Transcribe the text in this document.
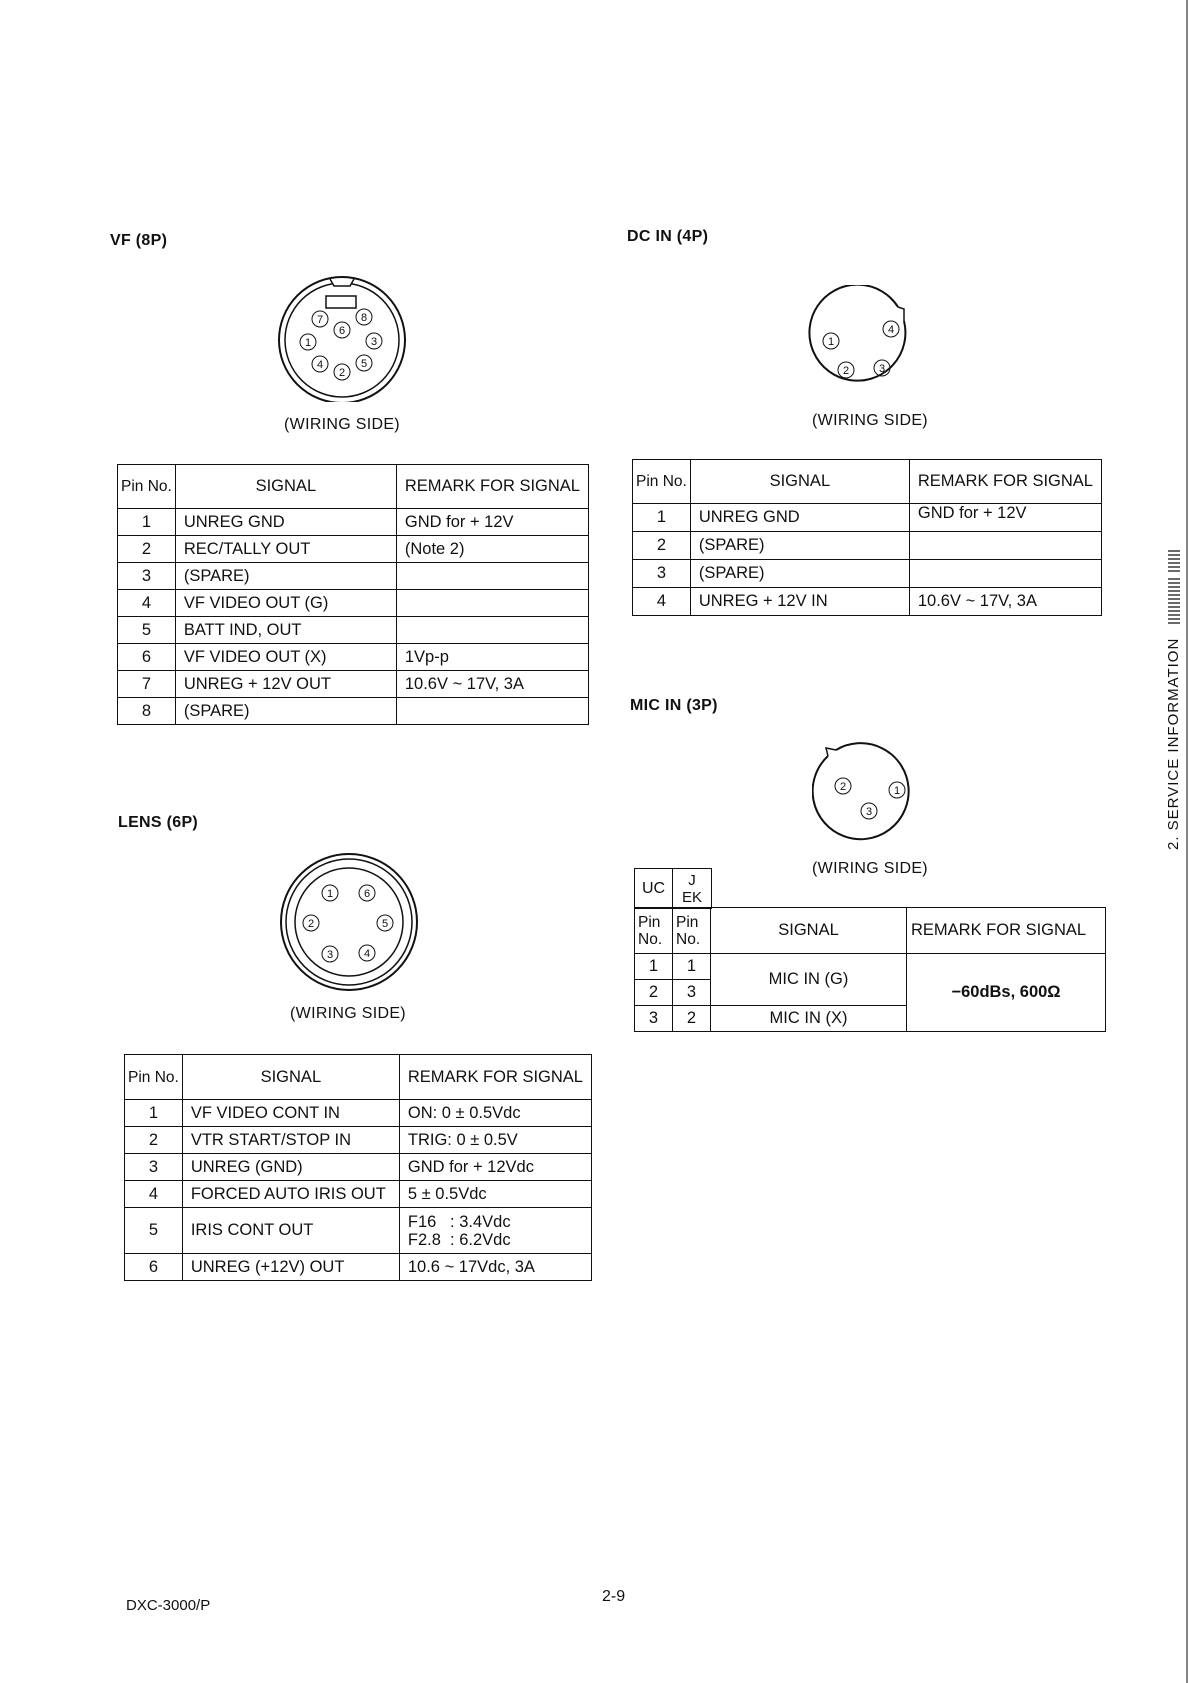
VF (8P)
7	8
6
1	3
4
2
5
(WIRING SIDE)
Pin No.	SIGNAL	REMARK FOR SIGNAL
1	UNREG GND	GND for + 12V
2	REC/TALLY OUT	(Note 2)
3	(SPARE)	
4	VF VIDEO OUT (G)	
5	BATT IND, OUT	
6	VF VIDEO OUT (X)	1Vp-p
7	UNREG + 12V OUT	10.6V ~ 17V, 3A
8	(SPARE)	
LENS (6P)
1	6
2	5
3	4
(WIRING SIDE)
Pin No.	SIGNAL	REMARK FOR SIGNAL
1	VF VIDEO CONT IN	ON: 0 ± 0.5Vdc
2	VTR START/STOP IN	TRIG: 0 ± 0.5V
3	UNREG (GND)	GND for + 12Vdc
4	FORCED AUTO IRIS OUT	5 ± 0.5Vdc
5	IRIS CONT OUT	F16   : 3.4Vdc
F2.8  : 6.2Vdc

6	UNREG (+12V) OUT	10.6 ~ 17Vdc, 3A
DC IN (4P)
4
1
2	3
(WIRING SIDE)
Pin No.	SIGNAL	REMARK FOR SIGNAL
1	UNREG GND	GND for + 12V
2	(SPARE)	
3	(SPARE)	
4	UNREG + 12V IN	10.6V ~ 17V, 3A
MIC IN (3P)
2	1
3
(WIRING SIDE)
UC	J EK
Pin No.	Pin No.	SIGNAL	REMARK FOR SIGNAL
1	1	MIC IN (G)	−60dBs, 600Ω
2	3		
3	2	MIC IN (X)	
2. SERVICE INFORMATION
DXC-3000/P
2-9
